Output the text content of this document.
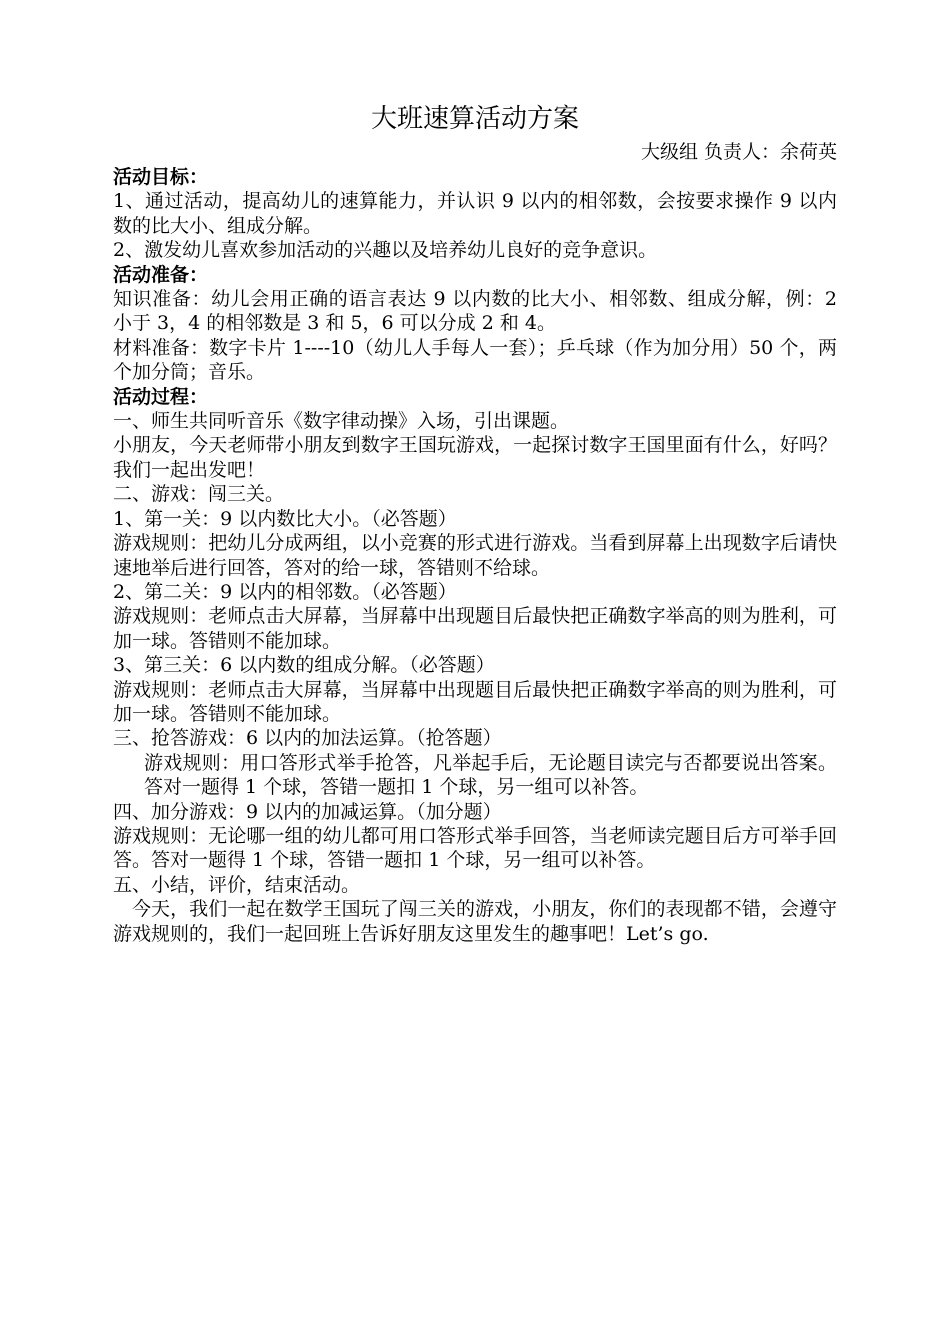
大班速算活动方案
大级组 负责人：余荷英
活动目标：
1、通过活动，提高幼儿的速算能力，并认识 9 以内的相邻数，会按要求操作 9 以内数的比大小、组成分解。
2、激发幼儿喜欢参加活动的兴趣以及培养幼儿良好的竞争意识。
活动准备：
知识准备：幼儿会用正确的语言表达 9 以内数的比大小、相邻数、组成分解，例：2 小于 3，4 的相邻数是 3 和 5，6 可以分成 2 和 4。
材料准备：数字卡片 1----10（幼儿人手每人一套）；乒乓球（作为加分用）50 个，两个加分筒；音乐。
活动过程：
一、师生共同听音乐《数字律动操》入场，引出课题。
小朋友，今天老师带小朋友到数字王国玩游戏，一起探讨数字王国里面有什么，好吗？我们一起出发吧！
二、游戏：闯三关。
1、第一关：9 以内数比大小。（必答题）
游戏规则：把幼儿分成两组，以小竞赛的形式进行游戏。当看到屏幕上出现数字后请快速地举后进行回答，答对的给一球，答错则不给球。
2、第二关：9 以内的相邻数。（必答题）
游戏规则：老师点击大屏幕，当屏幕中出现题目后最快把正确数字举高的则为胜利，可加一球。答错则不能加球。
3、第三关：6 以内数的组成分解。（必答题）
游戏规则：老师点击大屏幕，当屏幕中出现题目后最快把正确数字举高的则为胜利，可加一球。答错则不能加球。
三、抢答游戏：6 以内的加法运算。（抢答题）
游戏规则：用口答形式举手抢答，凡举起手后，无论题目读完与否都要说出答案。答对一题得 1 个球，答错一题扣 1 个球，另一组可以补答。
四、加分游戏：9 以内的加减运算。（加分题）
游戏规则：无论哪一组的幼儿都可用口答形式举手回答，当老师读完题目后方可举手回答。答对一题得 1 个球，答错一题扣 1 个球，另一组可以补答。
五、小结，评价，结束活动。
今天，我们一起在数学王国玩了闯三关的游戏，小朋友，你们的表现都不错，会遵守游戏规则的，我们一起回班上告诉好朋友这里发生的趣事吧！Let’s go.
